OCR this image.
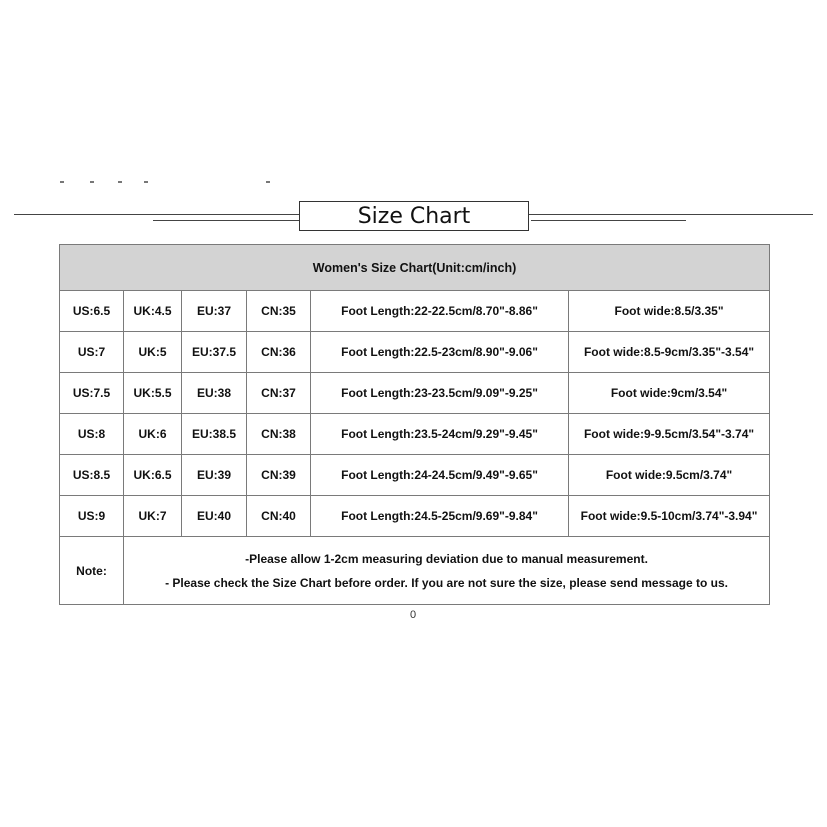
Size Chart
Women's Size Chart(Unit:cm/inch)					
US:6.5	UK:4.5	EU:37	CN:35	Foot Length:22-22.5cm/8.70"-8.86"	Foot wide:8.5/3.35"
US:7	UK:5	EU:37.5	CN:36	Foot Length:22.5-23cm/8.90"-9.06"	Foot wide:8.5-9cm/3.35"-3.54"
US:7.5	UK:5.5	EU:38	CN:37	Foot Length:23-23.5cm/9.09"-9.25"	Foot wide:9cm/3.54"
US:8	UK:6	EU:38.5	CN:38	Foot Length:23.5-24cm/9.29"-9.45"	Foot wide:9-9.5cm/3.54"-3.74"
US:8.5	UK:6.5	EU:39	CN:39	Foot Length:24-24.5cm/9.49"-9.65"	Foot wide:9.5cm/3.74"
US:9	UK:7	EU:40	CN:40	Foot Length:24.5-25cm/9.69"-9.84"	Foot wide:9.5-10cm/3.74"-3.94"
Note:	-Please allow 1-2cm measuring deviation due to manual measurement.
- Please check the Size Chart before order. If you are not sure the size, please send message to us.				
0
